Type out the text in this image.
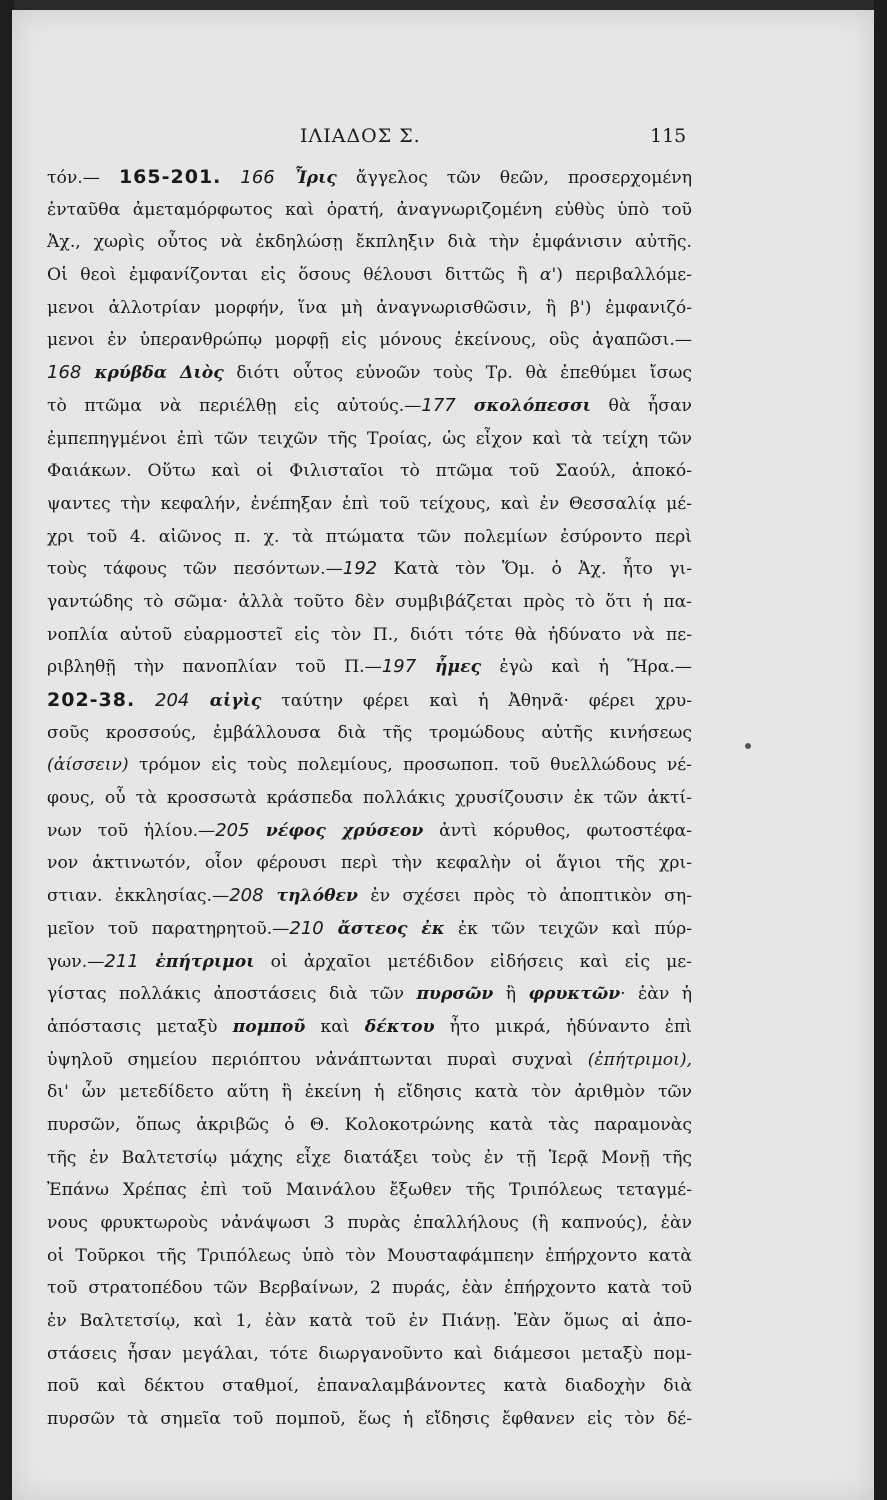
ΙΛΙΑΔΟΣ Σ.	115
τόν.— 165-201. 166 Ἶρις ἄγγελος τῶν θεῶν, προσερχομένη
ἐνταῦθα ἀμεταμόρφωτος καὶ ὁρατή, ἀναγνωριζομένη εὐθὺς ὑπὸ τοῦ
Ἀχ., χωρὶς οὗτος νὰ ἐκδηλώσῃ ἔκπληξιν διὰ τὴν ἐμφάνισιν αὐτῆς.
Οἱ θεοὶ ἐμφανίζονται εἰς ὅσους θέλουσι διττῶς ἢ α') περιβαλλόμε-
μενοι ἀλλοτρίαν μορφήν, ἵνα μὴ ἀναγνωρισθῶσιν, ἢ β') ἐμφανιζό-
μενοι ἐν ὑπερανθρώπῳ μορφῇ εἰς μόνους ἐκείνους, οὓς ἀγαπῶσι.—
168 κρύβδα Διὸς διότι οὗτος εὐνοῶν τοὺς Τρ. θὰ ἐπεθύμει ἴσως
τὸ πτῶμα νὰ περιέλθῃ εἰς αὐτούς.—177 σκολόπεσσι θὰ ἦσαν
ἐμπεπηγμένοι ἐπὶ τῶν τειχῶν τῆς Τροίας, ὡς εἶχον καὶ τὰ τείχη τῶν
Φαιάκων. Οὕτω καὶ οἱ Φιλισταῖοι τὸ πτῶμα τοῦ Σαούλ, ἀποκό-
ψαντες τὴν κεφαλήν, ἐνέπηξαν ἐπὶ τοῦ τείχους, καὶ ἐν Θεσσαλίᾳ μέ-
χρι τοῦ 4. αἰῶνος π. χ. τὰ πτώματα τῶν πολεμίων ἐσύροντο περὶ
τοὺς τάφους τῶν πεσόντων.—192 Κατὰ τὸν Ὅμ. ὁ Ἀχ. ἦτο γι-
γαντώδης τὸ σῶμα· ἀλλὰ τοῦτο δὲν συμβιβάζεται πρὸς τὸ ὅτι ἡ πα-
νοπλία αὐτοῦ εὐαρμοστεῖ εἰς τὸν Π., διότι τότε θὰ ἠδύνατο νὰ πε-
ριβληθῇ τὴν πανοπλίαν τοῦ Π.—197 ἦμες ἐγὼ καὶ ἡ Ἥρα.—
202-38. 204 αἰγὶς ταύτην φέρει καὶ ἡ Ἀθηνᾶ· φέρει χρυ-
σοῦς κροσσούς, ἐμβάλλουσα διὰ τῆς τρομώδους αὐτῆς κινήσεως
(ἀίσσειν) τρόμον εἰς τοὺς πολεμίους, προσωποπ. τοῦ θυελλώδους νέ-
φους, οὗ τὰ κροσσωτὰ κράσπεδα πολλάκις χρυσίζουσιν ἐκ τῶν ἀκτί-
νων τοῦ ἡλίου.—205 νέφος χρύσεον ἀντὶ κόρυθος, φωτοστέφα-
νον ἀκτινωτόν, οἷον φέρουσι περὶ τὴν κεφαλὴν οἱ ἅγιοι τῆς χρι-
στιαν. ἐκκλησίας.—208 τηλόθεν ἐν σχέσει πρὸς τὸ ἀποπτικὸν ση-
μεῖον τοῦ παρατηρητοῦ.—210 ἄστεος ἐκ ἐκ τῶν τειχῶν καὶ πύρ-
γων.—211 ἐπήτριμοι οἱ ἀρχαῖοι μετέδιδον εἰδήσεις καὶ εἰς με-
γίστας πολλάκις ἀποστάσεις διὰ τῶν πυρσῶν ἢ φρυκτῶν· ἐὰν ἡ
ἀπόστασις μεταξὺ πομποῦ καὶ δέκτου ἦτο μικρά, ἠδύναντο ἐπὶ
ὑψηλοῦ σημείου περιόπτου νἀνάπτωνται πυραὶ συχναὶ (ἐπήτριμοι),
δι' ὧν μετεδίδετο αὕτη ἢ ἐκείνη ἡ εἴδησις κατὰ τὸν ἀριθμὸν τῶν
πυρσῶν, ὅπως ἀκριβῶς ὁ Θ. Κολοκοτρώνης κατὰ τὰς παραμονὰς
τῆς ἐν Βαλτετσίῳ μάχης εἶχε διατάξει τοὺς ἐν τῇ Ἱερᾷ Μονῇ τῆς
Ἐπάνω Χρέπας ἐπὶ τοῦ Μαινάλου ἔξωθεν τῆς Τριπόλεως τεταγμέ-
νους φρυκτωροὺς νἀνάψωσι 3 πυρὰς ἐπαλλήλους (ἢ καπνούς), ἐὰν
οἱ Τοῦρκοι τῆς Τριπόλεως ὑπὸ τὸν Μουσταφάμπεην ἐπήρχοντο κατὰ
τοῦ στρατοπέδου τῶν Βερβαίνων, 2 πυράς, ἐὰν ἐπήρχοντο κατὰ τοῦ
ἐν Βαλτετσίῳ, καὶ 1, ἐὰν κατὰ τοῦ ἐν Πιάνῃ. Ἐὰν ὅμως αἱ ἀπο-
στάσεις ἦσαν μεγάλαι, τότε διωργανοῦντο καὶ διάμεσοι μεταξὺ πομ-
ποῦ καὶ δέκτου σταθμοί, ἐπαναλαμβάνοντες κατὰ διαδοχὴν διὰ
πυρσῶν τὰ σημεῖα τοῦ πομποῦ, ἕως ἡ εἴδησις ἔφθανεν εἰς τὸν δέ-
